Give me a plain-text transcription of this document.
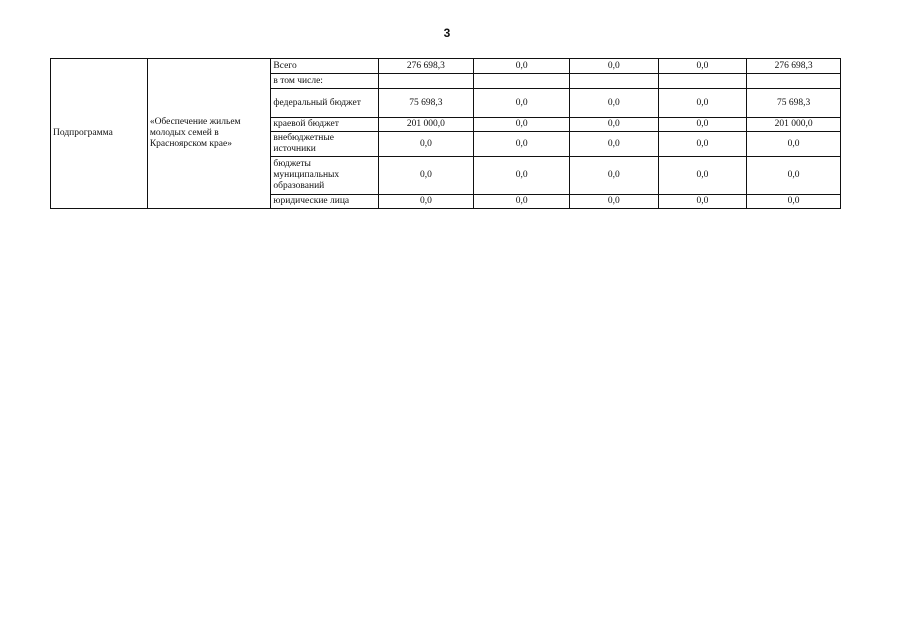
3
Подпрограмма	«Обеспечение жильем молодых семей в Красноярском крае»	Всего	276 698,3	0,0	0,0	0,0	276 698,3
		в том числе:					
		федеральный бюджет	75 698,3	0,0	0,0	0,0	75 698,3
		краевой бюджет	201 000,0	0,0	0,0	0,0	201 000,0
		внебюджетные источники	0,0	0,0	0,0	0,0	0,0
		бюджеты муниципальных образований	0,0	0,0	0,0	0,0	0,0
		юридические лица	0,0	0,0	0,0	0,0	0,0
